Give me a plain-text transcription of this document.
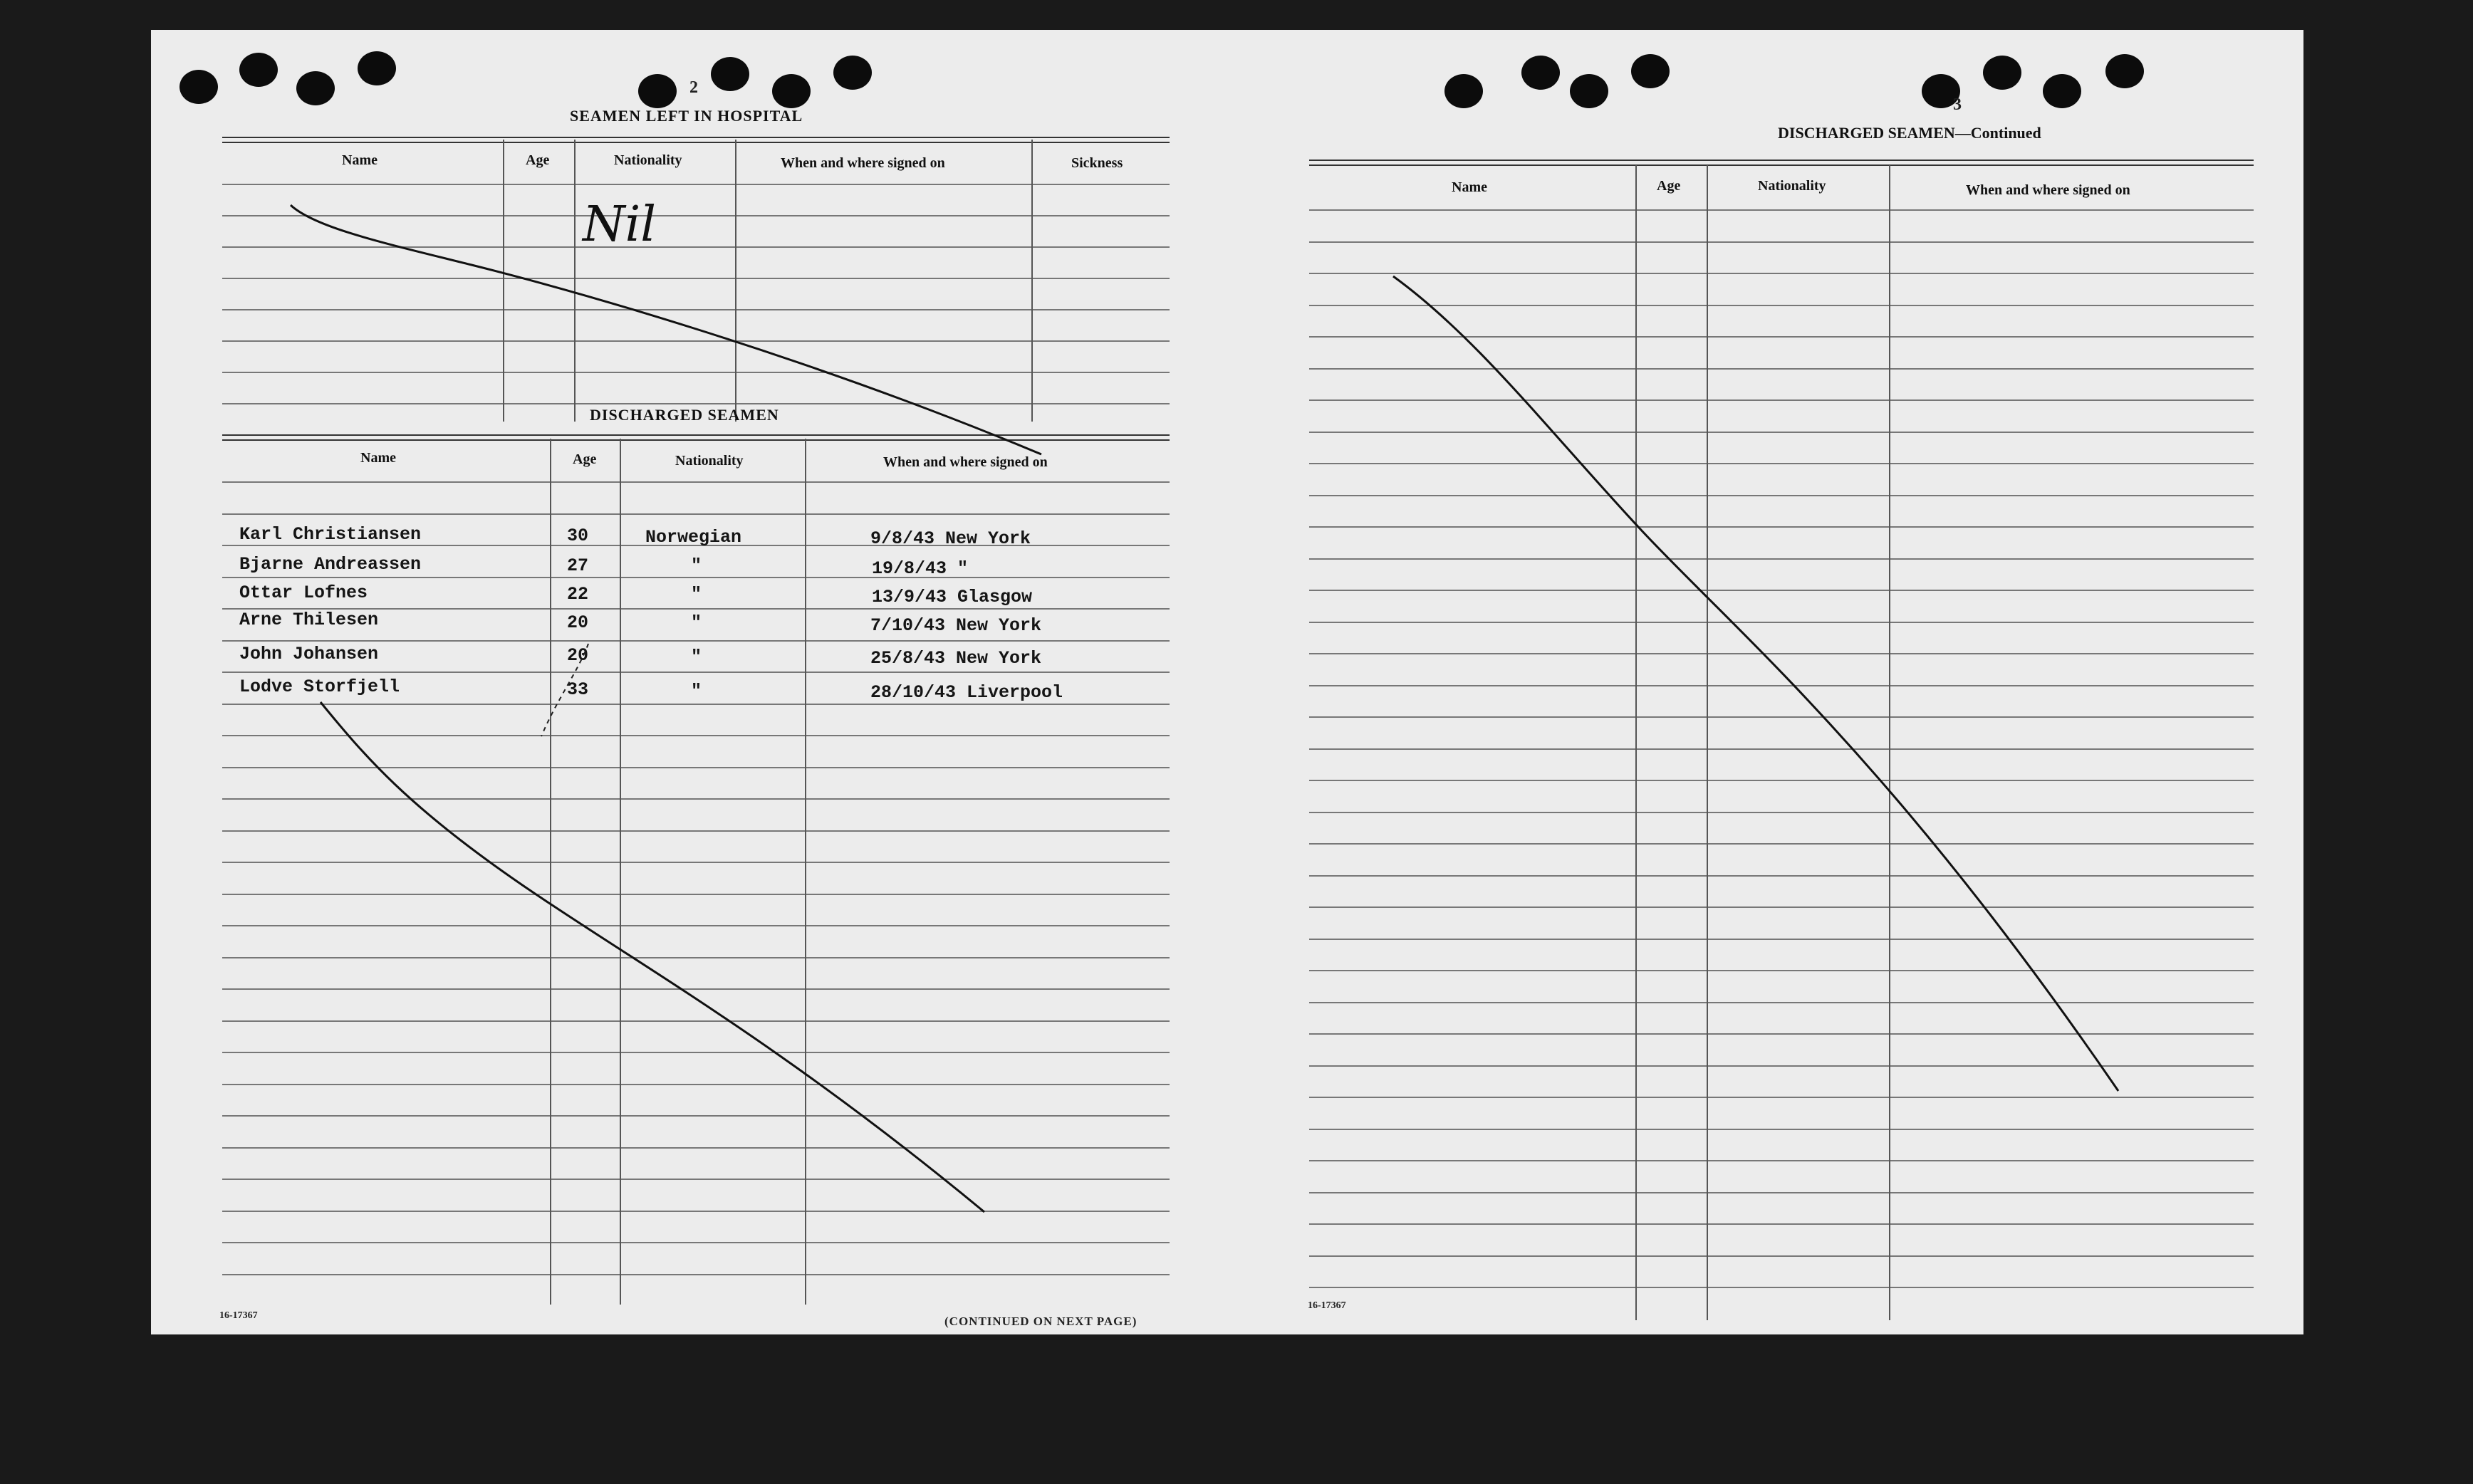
2
SEAMEN LEFT IN HOSPITAL
Name	Age	Nationality	When and where signed on	Sickness
Nil
DISCHARGED SEAMEN
Name	Age	Nationality	When and where signed on
Karl Christiansen	30	Norwegian	9/8/43 New York
Bjarne Andreassen	27	"	19/8/43 "
Ottar Lofnes	22	"	13/9/43 Glasgow
Arne Thilesen	20	"	7/10/43 New York
John Johansen	20	"	25/8/43 New York
Lodve Storfjell	33	"	28/10/43 Liverpool
16-17367	(CONTINUED ON NEXT PAGE)
3
DISCHARGED SEAMEN—Continued
Name	Age	Nationality	When and where signed on
16-17367
